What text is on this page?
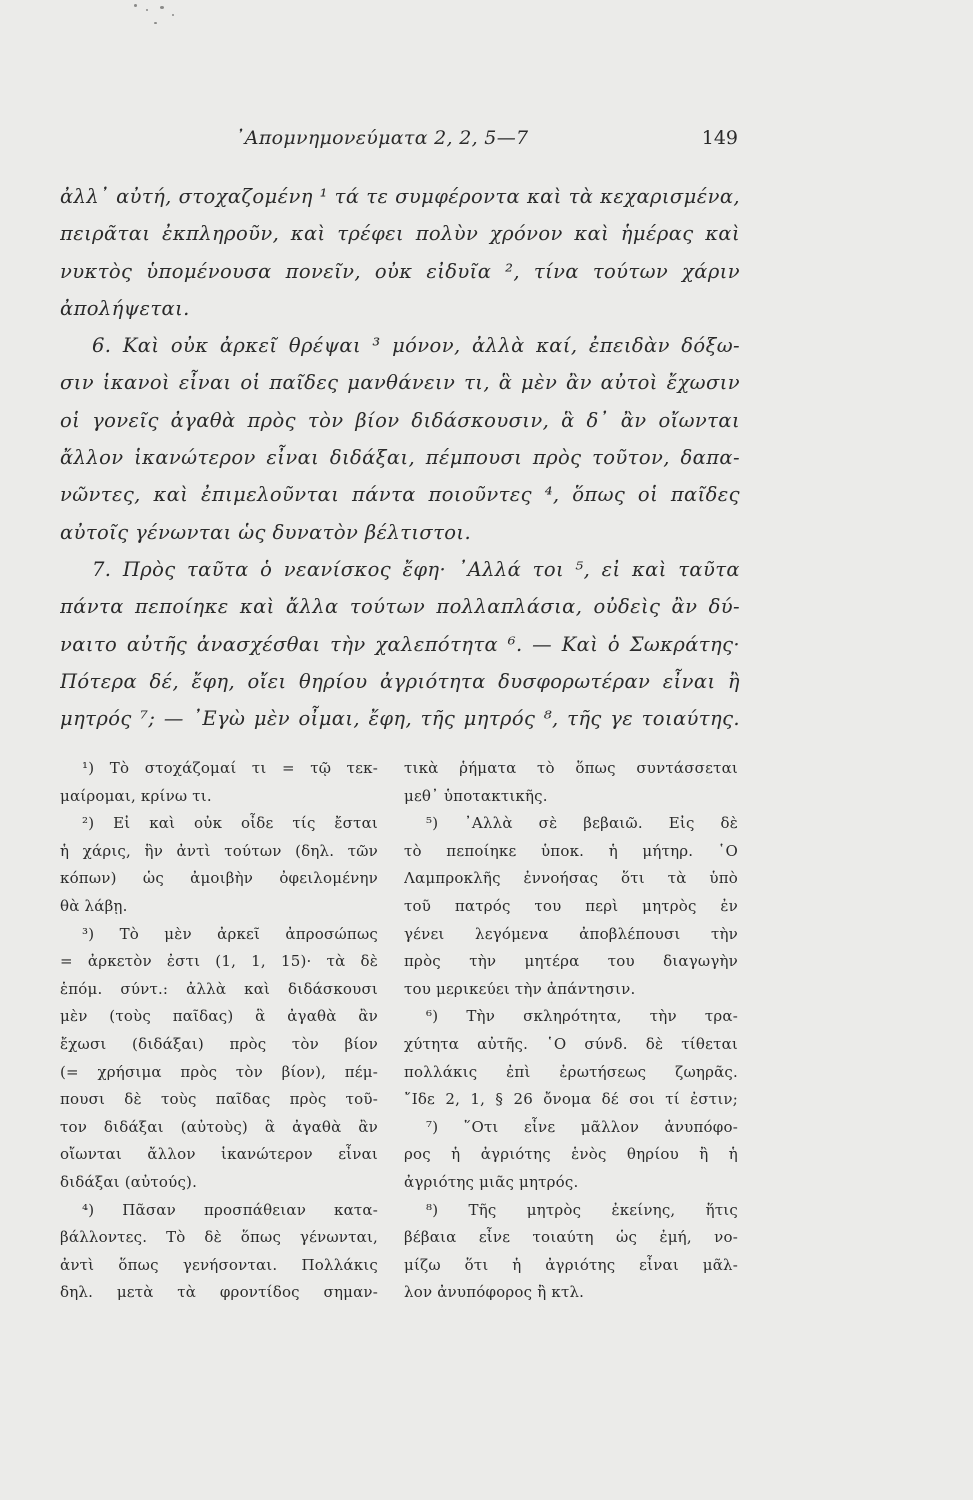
᾿Απομνημονεύματα 2, 2, 5—7	149
ἀλλ᾿ αὐτή, στοχαζομένη ¹ τά τε συμφέροντα καὶ τὰ κεχαρισμένα,
πειρᾶται ἐκπληροῦν, καὶ τρέφει πολὺν χρόνον καὶ ἡμέρας καὶ
νυκτὸς ὑπομένουσα πονεῖν, οὐκ εἰδυῖα ², τίνα τούτων χάριν
ἀπολήψεται.
6. Καὶ οὐκ ἀρκεῖ θρέψαι ³ μόνον, ἀλλὰ καί, ἐπειδὰν δόξω-
σιν ἱκανοὶ εἶναι οἱ παῖδες μανθάνειν τι, ἃ μὲν ἂν αὐτοὶ ἔχωσιν
οἱ γονεῖς ἀγαθὰ πρὸς τὸν βίον διδάσκουσιν, ἃ δ᾿ ἂν οἴωνται
ἄλλον ἱκανώτερον εἶναι διδάξαι, πέμπουσι πρὸς τοῦτον, δαπα-
νῶντες, καὶ ἐπιμελοῦνται πάντα ποιοῦντες ⁴, ὅπως οἱ παῖδες
αὐτοῖς γένωνται ὡς δυνατὸν βέλτιστοι.
7. Πρὸς ταῦτα ὁ νεανίσκος ἔφη· ᾿Αλλά τοι ⁵, εἰ καὶ ταῦτα
πάντα πεποίηκε καὶ ἄλλα τούτων πολλαπλάσια, οὐδεὶς ἂν δύ-
ναιτο αὐτῆς ἀνασχέσθαι τὴν χαλεπότητα ⁶. — Καὶ ὁ Σωκράτης·
Πότερα δέ, ἔφη, οἴει θηρίου ἀγριότητα δυσφορωτέραν εἶναι ἢ
μητρός ⁷; — ᾿Εγὼ μὲν οἶμαι, ἔφη, τῆς μητρός ⁸, τῆς γε τοιαύτης.
¹) Τὸ στοχάζομαί τι = τῷ τεκ-
μαίρομαι, κρίνω τι.
²) Εἰ καὶ οὐκ οἶδε τίς ἔσται
ἡ χάρις, ἣν ἀντὶ τούτων (δηλ. τῶν
κόπων) ὡς ἀμοιβὴν ὀφειλομένην
θὰ λάβῃ.
³) Τὸ μὲν ἀρκεῖ ἀπροσώπως
= ἀρκετὸν ἐστι (1, 1, 15)· τὰ δὲ
ἑπόμ. σύντ.: ἀλλὰ καὶ διδάσκουσι
μὲν (τοὺς παῖδας) ἃ ἀγαθὰ ἂν
ἔχωσι (διδάξαι) πρὸς τὸν βίον
(= χρήσιμα πρὸς τὸν βίον), πέμ-
πουσι δὲ τοὺς παῖδας πρὸς τοῦ-
τον διδάξαι (αὐτοὺς) ἃ ἀγαθὰ ἂν
οἴωνται ἄλλον ἱκανώτερον εἶναι
διδάξαι (αὐτούς).
⁴) Πᾶσαν προσπάθειαν κατα-
βάλλοντες. Τὸ δὲ ὅπως γένωνται,
ἀντὶ ὅπως γενήσονται. Πολλάκις
δηλ. μετὰ τὰ φροντίδος σημαν-
τικὰ ῥήματα τὸ ὅπως συντάσσεται
μεθ᾿ ὑποτακτικῆς.
⁵) ᾿Αλλὰ σὲ βεβαιῶ. Εἰς δὲ
τὸ πεποίηκε ὑποκ. ἡ μήτηρ. ῾Ο
Λαμπροκλῆς ἐννοήσας ὅτι τὰ ὑπὸ
τοῦ πατρός του περὶ μητρὸς ἐν
γένει λεγόμενα ἀποβλέπουσι τὴν
πρὸς τὴν μητέρα του διαγωγὴν
του μερικεύει τὴν ἀπάντησιν.
⁶) Τὴν σκληρότητα, τὴν τρα-
χύτητα αὐτῆς. ῾Ο σύνδ. δὲ τίθεται
πολλάκις ἐπὶ ἐρωτήσεως ζωηρᾶς.
῎Ιδε 2, 1, § 26 ὄνομα δέ σοι τί ἐστιν;
⁷) ῞Οτι εἶνε μᾶλλον ἀνυπόφο-
ρος ἡ ἀγριότης ἑνὸς θηρίου ἢ ἡ
ἀγριότης μιᾶς μητρός.
⁸) Τῆς μητρὸς ἐκείνης, ἥτις
βέβαια εἶνε τοιαύτη ὡς ἐμή, νο-
μίζω ὅτι ἡ ἀγριότης εἶναι μᾶλ-
λον ἀνυπόφορος ἢ κτλ.
